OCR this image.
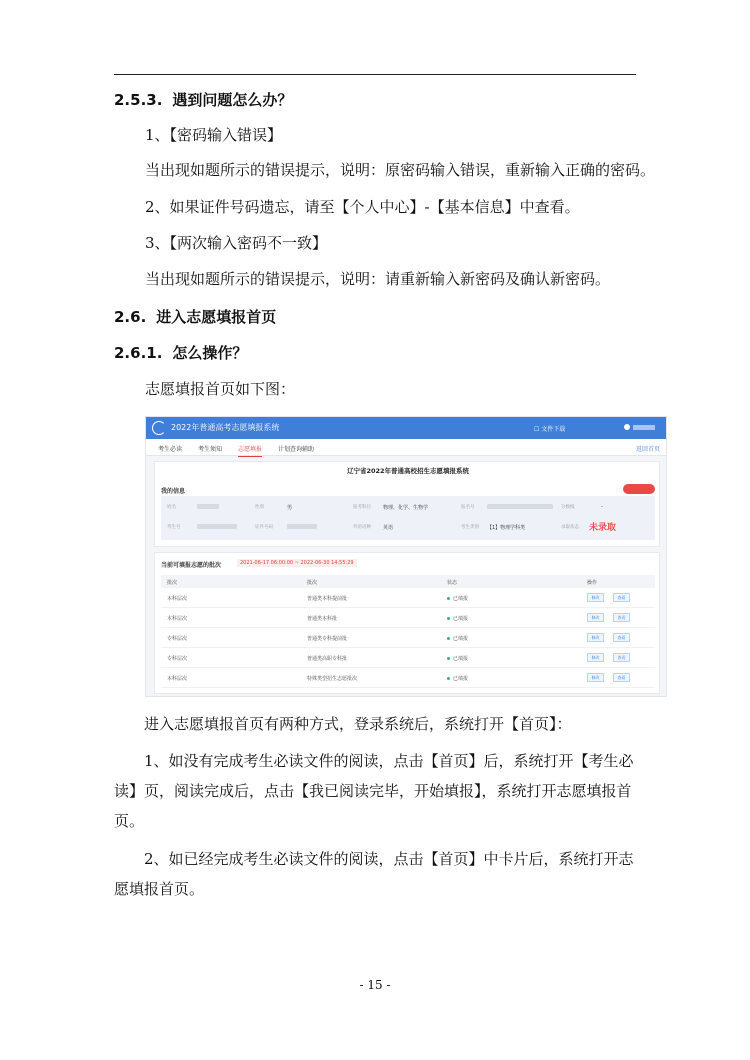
2.5.3. 遇到问题怎么办？
1、【密码输入错误】
当出现如题所示的错误提示，说明：原密码输入错误，重新输入正确的密码。
2、如果证件号码遗忘，请至【个人中心】-【基本信息】中查看。
3、【两次输入密码不一致】
当出现如题所示的错误提示，说明：请重新输入新密码及确认新密码。
2.6. 进入志愿填报首页
2.6.1. 怎么操作？
志愿填报首页如下图：
2022年普通高考志愿填报系统	☐ 文件下载
考生必读	考生须知	志愿填报	计划查询辅助	返回首页
辽宁省2022年普通高校招生志愿填报系统
我的信息
姓名	性别	男	报考科目 物理、化学、生物学	报名号	分数线	-
考生号	证件号码	外语语种 英语	考生类别 【1】物理学科类	录取状态 未录取
当前可填报志愿的批次	2021-06-17 06:00:00 ~ 2022-06-30 14:55:29
批次	批次	状态	操作
本科层次	普通类本科提前批	已填报	修改	查看
本科层次	普通类本科批	已填报	修改	查看
专科层次	普通类专科提前批	已填报	修改	查看
专科层次	普通类高职专科批	已填报	修改	查看
本科层次	特殊类型招生志愿批次	已填报	修改	查看
进入志愿填报首页有两种方式，登录系统后，系统打开【首页】：
1、如没有完成考生必读文件的阅读，点击【首页】后，系统打开【考生必读】页，阅读完成后，点击【我已阅读完毕，开始填报】，系统打开志愿填报首页。
2、如已经完成考生必读文件的阅读，点击【首页】中卡片后，系统打开志愿填报首页。
- 15 -
